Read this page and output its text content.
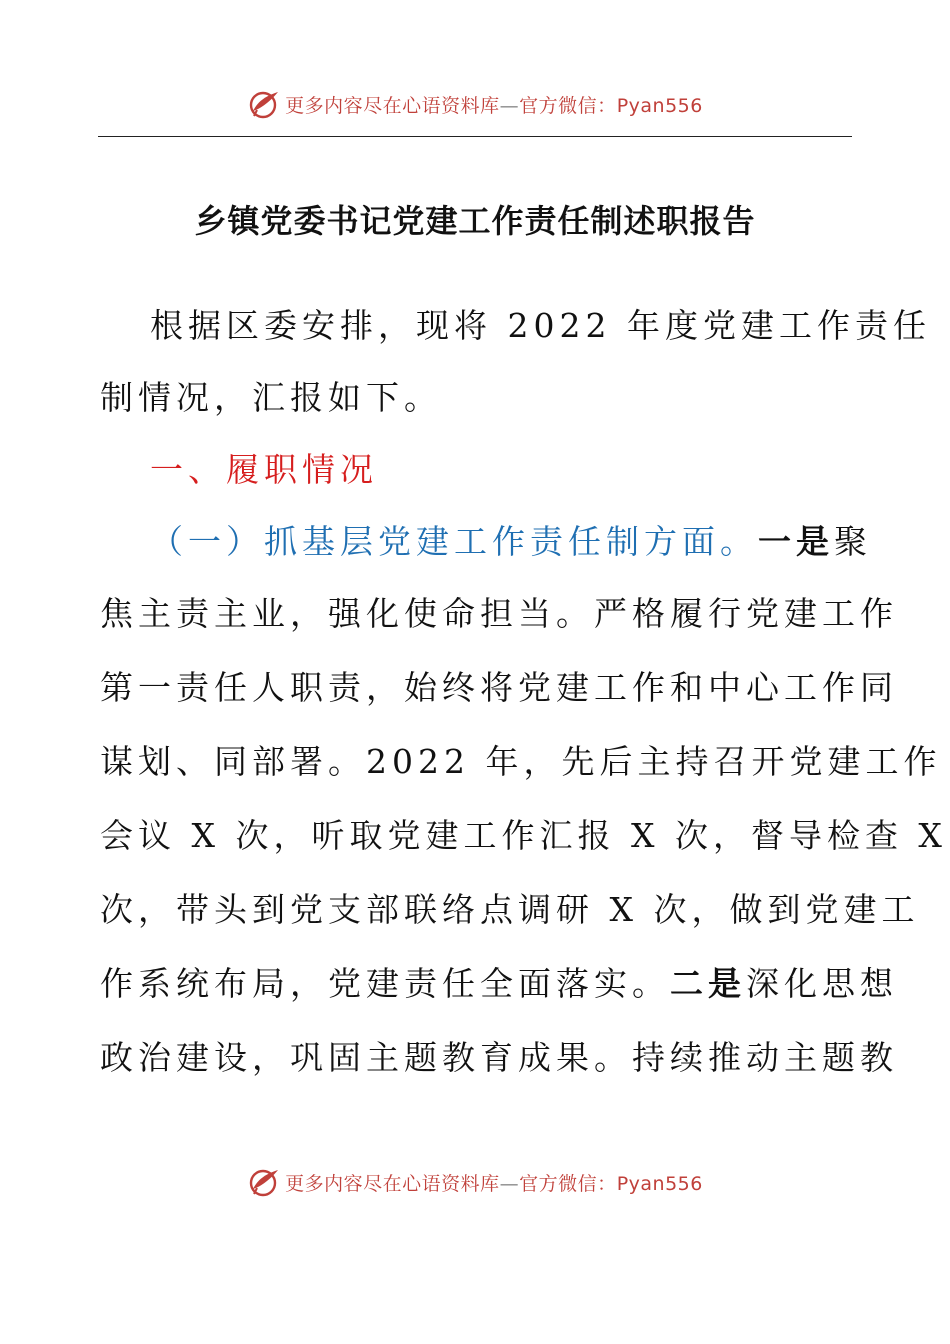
更多内容尽在心语资料库—官方微信：Pyan556
乡镇党委书记党建工作责任制述职报告
根据区委安排，现将 2022 年度党建工作责任
制情况，汇报如下。
一、履职情况
（一）抓基层党建工作责任制方面。一是聚
焦主责主业，强化使命担当。严格履行党建工作
第一责任人职责，始终将党建工作和中心工作同
谋划、同部署。2022 年，先后主持召开党建工作
会议 X 次，听取党建工作汇报 X 次，督导检查 X
次，带头到党支部联络点调研 X 次，做到党建工
作系统布局，党建责任全面落实。二是深化思想
政治建设，巩固主题教育成果。持续推动主题教
更多内容尽在心语资料库—官方微信：Pyan556
